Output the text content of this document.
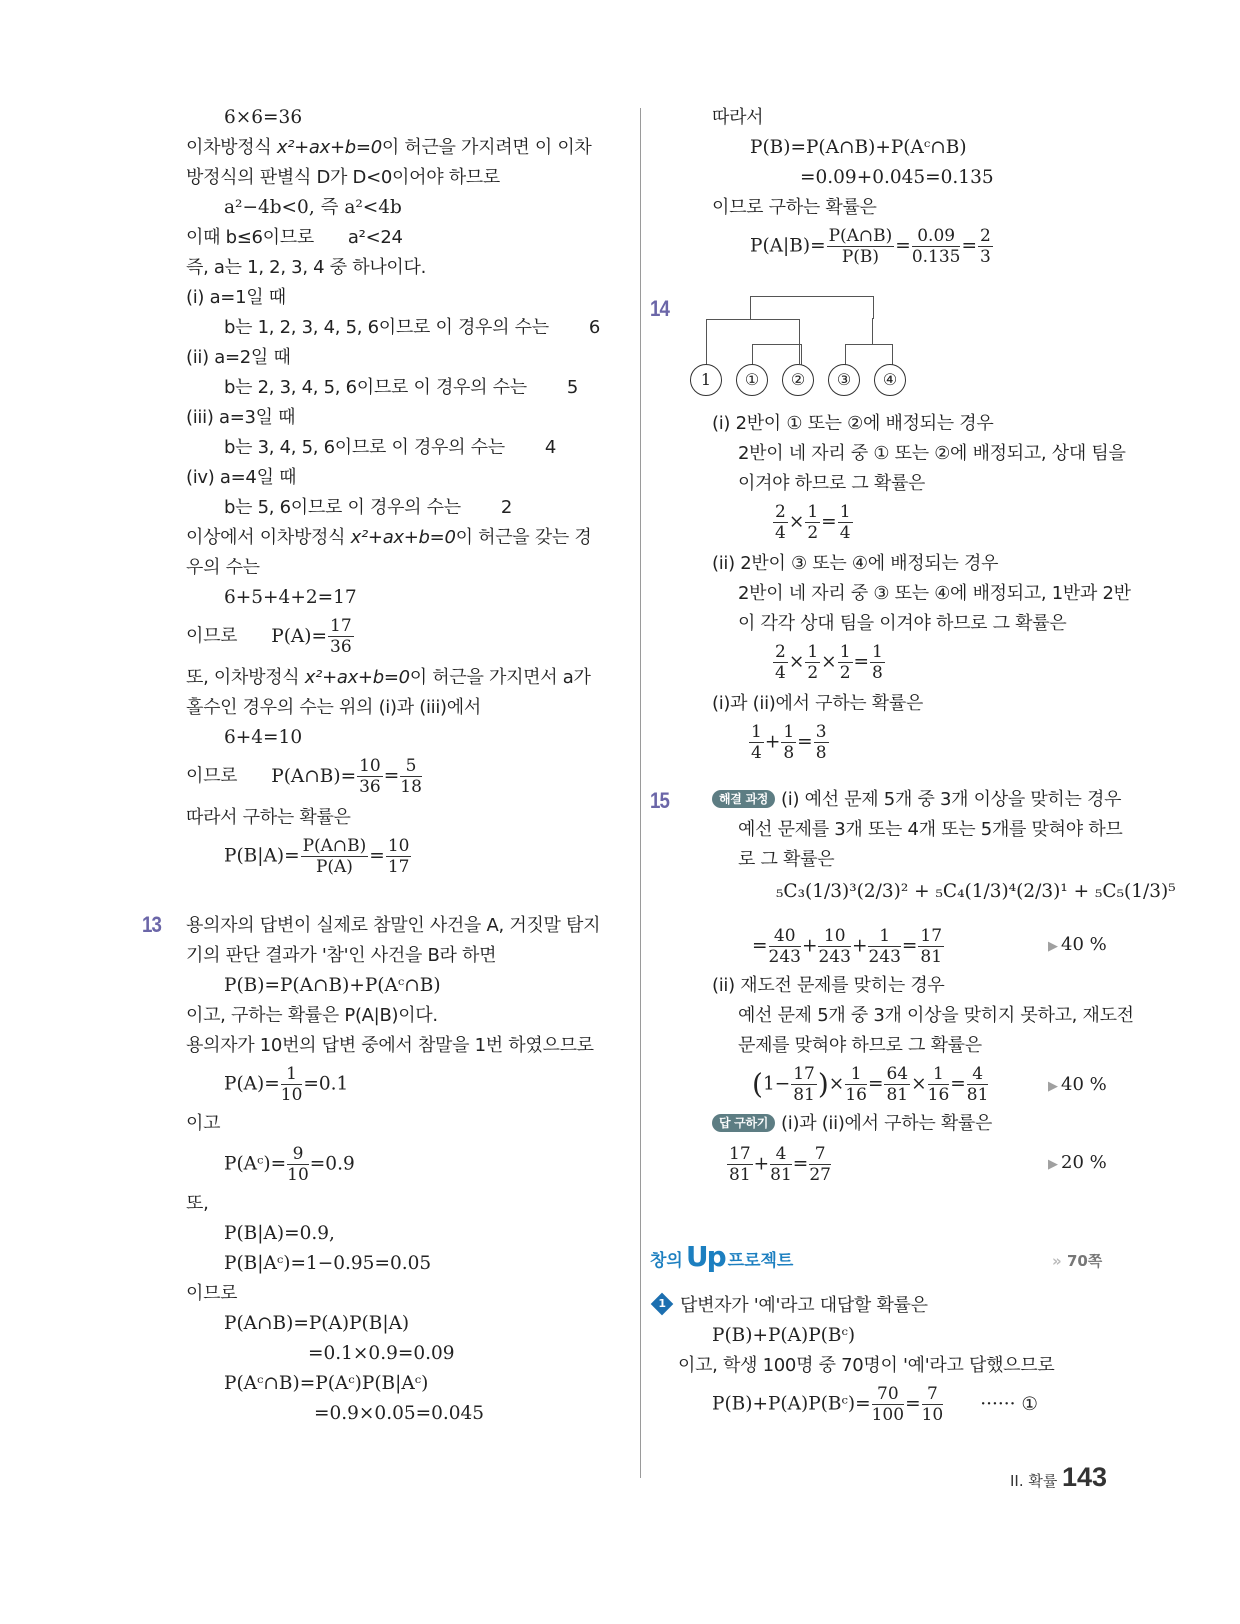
6×6=36
이차방정식 x²+ax+b=0이 허근을 가지려면 이 이차
방정식의 판별식 D가 D<0이어야 하므로
a²−4b<0, 즉 a²<4b
이때 b≤6이므로 a²<24
즉, a는 1, 2, 3, 4 중 하나이다.
(i) a=1일 때
b는 1, 2, 3, 4, 5, 6이므로 이 경우의 수는 6
(ii) a=2일 때
b는 2, 3, 4, 5, 6이므로 이 경우의 수는 5
(iii) a=3일 때
b는 3, 4, 5, 6이므로 이 경우의 수는 4
(iv) a=4일 때
b는 5, 6이므로 이 경우의 수는 2
이상에서 이차방정식 x²+ax+b=0이 허근을 갖는 경
우의 수는
6+5+4+2=17
이므로 $P(A)= \frac{17}{36}$
또, 이차방정식 x²+ax+b=0이 허근을 가지면서 a가
홀수인 경우의 수는 위의 (i)과 (iii)에서
6+4=10
이므로 P(A∩B)= $\frac{10}{36} = \frac{5}{18}$
따라서 구하는 확률은
$P(B|A)= \frac{P(A\cap B)}{P(A)} = \frac{10}{17}$
13 용의자의 답변이 실제로 참말인 사건을 A, 거짓말 탐지
기의 판단 결과가 '참'인 사건을 B라 하면
P(B)=P(A∩B)+P(Aᶜ∩B)
이고, 구하는 확률은 P(A|B)이다.
용의자가 10번의 답변 중에서 참말을 1번 하였으므로
$P(A)= \frac{1}{10} =0.1$
이고
P(Aᶜ)= $\frac{9}{10} =0.9$
또,
P(B|A)=0.9,
P(B|Aᶜ)=1−0.95=0.05
이므로
P(A∩B)=P(A)P(B|A)
=0.1×0.9=0.09
P(Aᶜ∩B)=P(Aᶜ)P(B|Aᶜ)
=0.9×0.05=0.045
따라서
P(B)=P(A∩B)+P(Aᶜ∩B)
=0.09+0.045=0.135
이므로 구하는 확률은
$P(A|B)= \frac{P(A\cap B)}{P(B)} = \frac{0.09}{0.135} = \frac{2}{3}$
14
1	①	②	③	④
(i) 2반이 ① 또는 ②에 배정되는 경우
2반이 네 자리 중 ① 또는 ②에 배정되고, 상대 팀을
이겨야 하므로 그 확률은
$\frac{2}{4} \times \frac{1}{2} = \frac{1}{4}$
(ii) 2반이 ③ 또는 ④에 배정되는 경우
2반이 네 자리 중 ③ 또는 ④에 배정되고, 1반과 2반
이 각각 상대 팀을 이겨야 하므로 그 확률은
$\frac{2}{4} \times \frac{1}{2} \times \frac{1}{2} = \frac{1}{8}$
(i)과 (ii)에서 구하는 확률은
$\frac{1}{4} + \frac{1}{8} = \frac{3}{8}$
15	해결 과정 (i) 예선 문제 5개 중 3개 이상을 맞히는 경우
예선 문제를 3개 또는 4개 또는 5개를 맞혀야 하므
로 그 확률은
₅C₃(1/3)³(2/3)² + ₅C₄(1/3)⁴(2/3)¹ + ₅C₅(1/3)⁵
= $\frac{40}{243} + \frac{10}{243} + \frac{1}{243} = \frac{17}{81}$	▶ 40 %
(ii) 재도전 문제를 맞히는 경우
예선 문제 5개 중 3개 이상을 맞히지 못하고, 재도전
문제를 맞혀야 하므로 그 확률은
($1- \frac{17}{81}$ )× $\frac{1}{16} = \frac{64}{81} \times \frac{1}{16} = \frac{4}{81}$	▶ 40 %
답 구하기 (i)과 (ii)에서 구하는 확률은
$\frac{17}{81} + \frac{4}{81} = \frac{7}{27}$	▶ 20 %
창의 Up 프로젝트	» 70쪽
1 답변자가 '예'라고 대답할 확률은
P(B)+P(A)P(Bᶜ)
이고, 학생 100명 중 70명이 '예'라고 답했으므로
P(B)+P(A)P(Bᶜ)= $\frac{70}{100} = \frac{7}{10}$ ······ ①
II. 확률 143
